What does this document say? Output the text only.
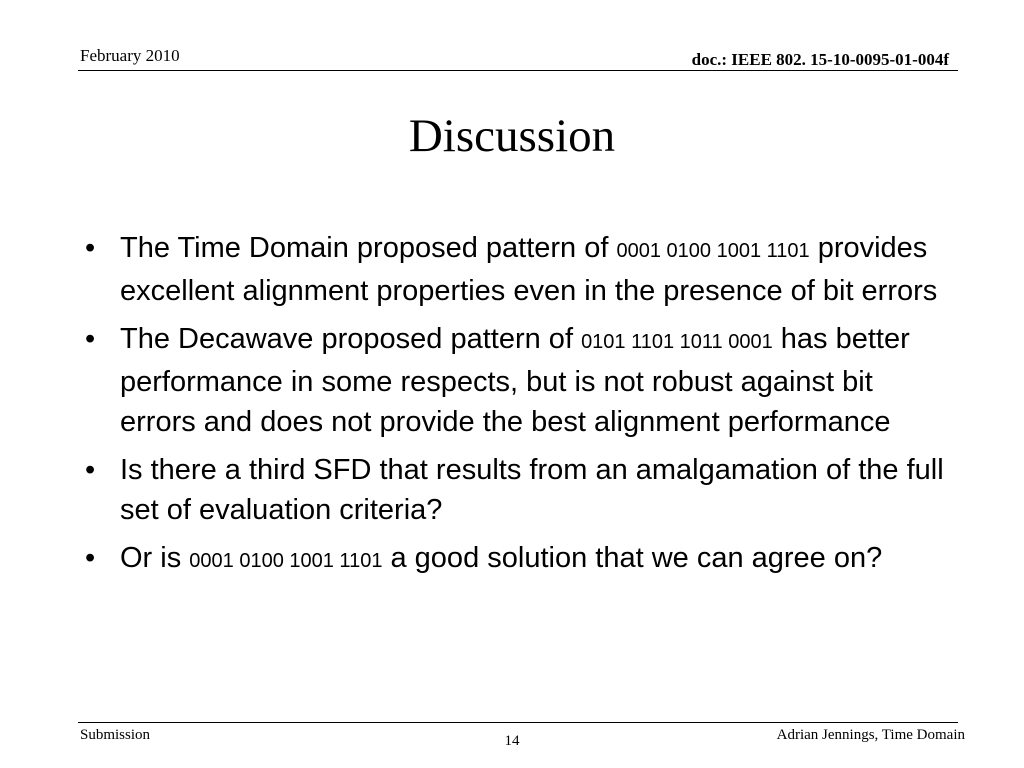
February 2010	doc.: IEEE 802. 15-10-0095-01-004f
Discussion
• The Time Domain proposed pattern of 0001 0100 1001 1101 provides excellent alignment properties even in the presence of bit errors
• The Decawave proposed pattern of 0101 1101 1011 0001 has better performance in some respects, but is not robust against bit errors and does not provide the best alignment performance
• Is there a third SFD that results from an amalgamation of the full set of evaluation criteria?
• Or is 0001 0100 1001 1101 a good solution that we can agree on?
Submission	14	Adrian Jennings, Time Domain
